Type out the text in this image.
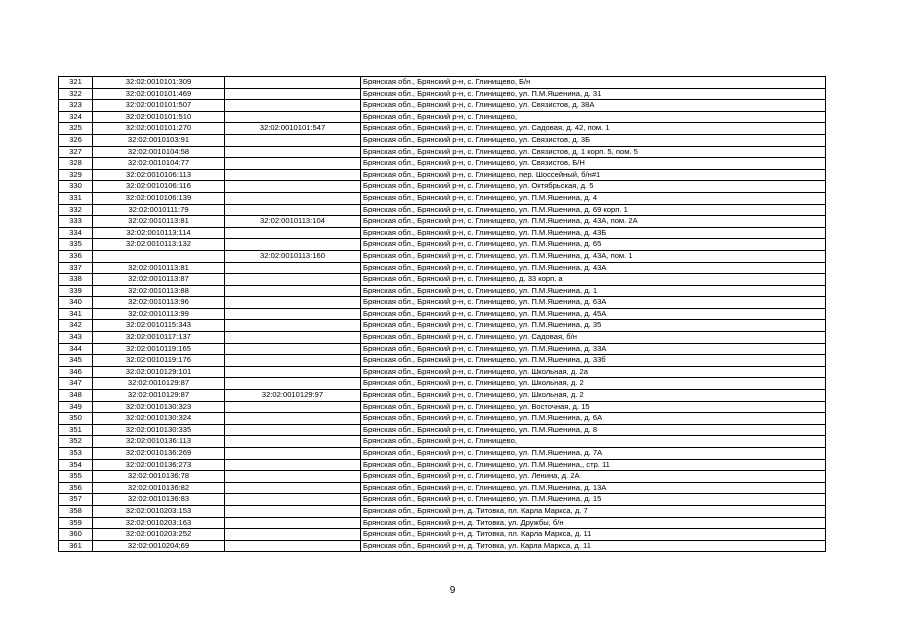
321	32:02:0010101:309		Брянская обл., Брянский р-н, с. Глинищево, Б/н
322	32:02:0010101:469		Брянская обл., Брянский р-н, с. Глинищево, ул. П.М.Яшенина, д. 31
323	32:02:0010101:507		Брянская обл., Брянский р-н, с. Глинищево, ул. Связистов, д. 38А
324	32:02:0010101:510		Брянская обл., Брянский р-н, с. Глинищево,
325	32:02:0010101:270	32:02:0010101:547	Брянская обл., Брянский р-н, с. Глинищево, ул. Садовая, д. 42, пом. 1
326	32:02:0010103:91		Брянская обл., Брянский р-н, с. Глинищево, ул. Связистов, д. 3Б
327	32:02:0010104:58		Брянская обл., Брянский р-н, с. Глинищево, ул. Связистов, д. 1 корп. 5, пом. 5
328	32:02:0010104:77		Брянская обл., Брянский р-н, с. Глинищево, ул. Связистов, Б/Н
329	32:02:0010106:113		Брянская обл., Брянский р-н, с. Глинищево, пер. Шоссейный, б/н#1
330	32:02:0010106:116		Брянская обл., Брянский р-н, с. Глинищево, ул. Октябрьская, д. 5
331	32:02:0010106:139		Брянская обл., Брянский р-н, с. Глинищево, ул. П.М.Яшенина, д. 4
332	32:02:0010111:79		Брянская обл., Брянский р-н, с. Глинищево, ул. П.М.Яшенина, д. 69 корп. 1
333	32:02:0010113:81	32:02:0010113:104	Брянская обл., Брянский р-н, с. Глинищево, ул. П.М.Яшенина, д. 43А, пом. 2А
334	32:02:0010113:114		Брянская обл., Брянский р-н, с. Глинищево, ул. П.М.Яшенина, д. 43Б
335	32:02:0010113:132		Брянская обл., Брянский р-н, с. Глинищево, ул. П.М.Яшенина, д. 65
336		32:02:0010113:160	Брянская обл., Брянский р-н, с. Глинищево, ул. П.М.Яшенина, д. 43А, пом. 1
337	32:02:0010113:81		Брянская обл., Брянский р-н, с. Глинищево, ул. П.М.Яшенина, д. 43А
338	32:02:0010113:87		Брянская обл., Брянский р-н, с. Глинищево, д. 33 корп. а
339	32:02:0010113:88		Брянская обл., Брянский р-н, с. Глинищево, ул. П.М.Яшенина, д. 1
340	32:02:0010113:96		Брянская обл., Брянский р-н, с. Глинищево, ул. П.М.Яшенина, д. 63А
341	32:02:0010113:99		Брянская обл., Брянский р-н, с. Глинищево, ул. П.М.Яшенина, д. 45А
342	32:02:0010115:343		Брянская обл., Брянский р-н, с. Глинищево, ул. П.М.Яшенина, д. 35
343	32:02:0010117:137		Брянская обл., Брянский р-н, с. Глинищево, ул. Садовая, б/н
344	32:02:0010119:165		Брянская обл., Брянский р-н, с. Глинищево, ул. П.М.Яшенина, д. 33А
345	32:02:0010119:176		Брянская обл., Брянский р-н, с. Глинищево, ул. П.М.Яшенина, д. 33б
346	32:02:0010129:101		Брянская обл., Брянский р-н, с. Глинищево, ул. Школьная, д. 2а
347	32:02:0010129:87		Брянская обл., Брянский р-н, с. Глинищево, ул. Школьная, д. 2
348	32:02:0010129:87	32:02:0010129:97	Брянская обл., Брянский р-н, с. Глинищево, ул. Школьная, д. 2
349	32:02:0010130:323		Брянская обл., Брянский р-н, с. Глинищево, ул. Восточная, д. 15
350	32:02:0010130:324		Брянская обл., Брянский р-н, с. Глинищево, ул. П.М.Яшенина, д. 6А
351	32:02:0010130:335		Брянская обл., Брянский р-н, с. Глинищево, ул. П.М.Яшенина, д. 8
352	32:02:0010136:113		Брянская обл., Брянский р-н, с. Глинищево,
353	32:02:0010136:269		Брянская обл., Брянский р-н, с. Глинищево, ул. П.М.Яшенина, д. 7А
354	32:02:0010136:273		Брянская обл., Брянский р-н, с. Глинищево, ул. П.М.Яшенина,, стр. 11
355	32:02:0010136:78		Брянская обл., Брянский р-н, с. Глинищево, ул. Ленина, д. 2А
356	32:02:0010136:82		Брянская обл., Брянский р-н, с. Глинищево, ул. П.М.Яшенина, д. 13А
357	32:02:0010136:83		Брянская обл., Брянский р-н, с. Глинищево, ул. П.М.Яшенина, д. 15
358	32:02:0010203:153		Брянская обл., Брянский р-н, д. Титовка, пл. Карла Маркса, д. 7
359	32:02:0010203:163		Брянская обл., Брянский р-н, д. Титовка, ул. Дружбы, б/н
360	32:02:0010203:252		Брянская обл., Брянский р-н, д. Титовка, пл. Карла Маркса, д. 11
361	32:02:0010204:69		Брянская обл., Брянский р-н, д. Титовка, ул. Карла Маркса, д. 11
9
